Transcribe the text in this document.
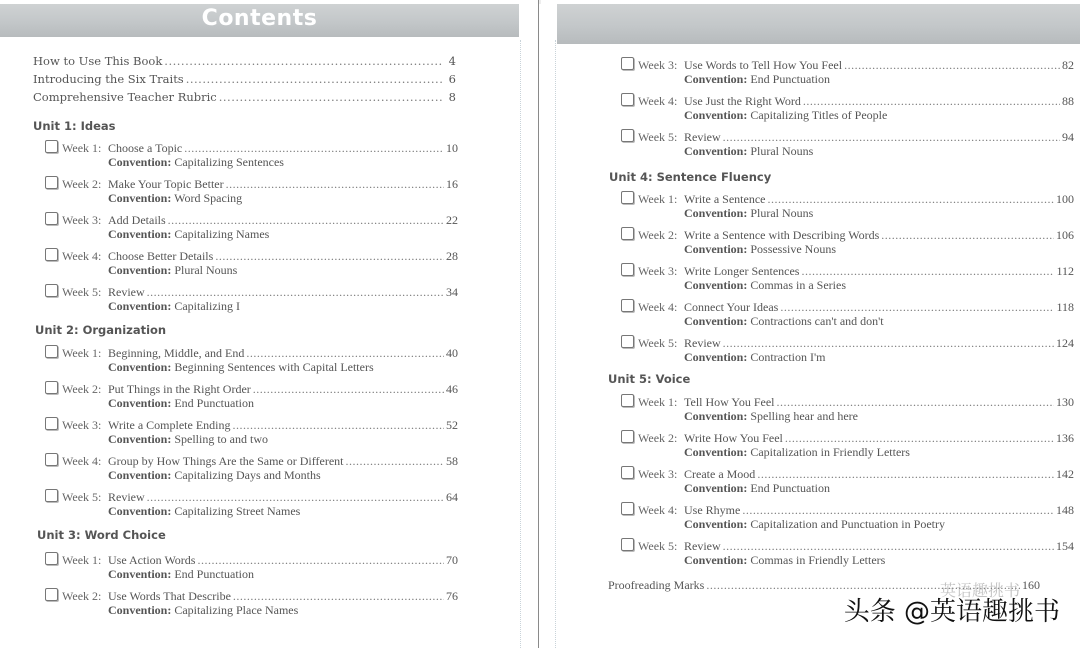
Contents
How to Use This Book .....	4
Introducing the Six Traits .....	6
Comprehensive Teacher Rubric .....	8
Unit 1: Ideas
Week 1: Choose a Topic .....	10
Convention: Capitalizing Sentences
Week 2: Make Your Topic Better .....	16
Convention: Word Spacing
Week 3: Add Details .....	22
Convention: Capitalizing Names
Week 4: Choose Better Details .....	28
Convention: Plural Nouns
Week 5: Review .....	34
Convention: Capitalizing I
Unit 2: Organization
Week 1: Beginning, Middle, and End .....	40
Convention: Beginning Sentences with Capital Letters
Week 2: Put Things in the Right Order .....	46
Convention: End Punctuation
Week 3: Write a Complete Ending .....	52
Convention: Spelling to and two
Week 4: Group by How Things Are the Same or Different .....	58
Convention: Capitalizing Days and Months
Week 5: Review .....	64
Convention: Capitalizing Street Names
Unit 3: Word Choice
Week 1: Use Action Words .....	70
Convention: End Punctuation
Week 2: Use Words That Describe .....	76
Convention: Capitalizing Place Names
Week 3: Use Words to Tell How You Feel .....	82
Convention: End Punctuation
Week 4: Use Just the Right Word .....	88
Convention: Capitalizing Titles of People
Week 5: Review .....	94
Convention: Plural Nouns
Unit 4: Sentence Fluency
Week 1: Write a Sentence .....	100
Convention: Plural Nouns
Week 2: Write a Sentence with Describing Words .....	106
Convention: Possessive Nouns
Week 3: Write Longer Sentences .....	112
Convention: Commas in a Series
Week 4: Connect Your Ideas .....	118
Convention: Contractions can't and don't
Week 5: Review .....	124
Convention: Contraction I'm
Unit 5: Voice
Week 1: Tell How You Feel .....	130
Convention: Spelling hear and here
Week 2: Write How You Feel .....	136
Convention: Capitalization in Friendly Letters
Week 3: Create a Mood .....	142
Convention: End Punctuation
Week 4: Use Rhyme .....	148
Convention: Capitalization and Punctuation in Poetry
Week 5: Review .....	154
Convention: Commas in Friendly Letters
Proofreading Marks .....	160
英语趣挑书
头条 @英语趣挑书
